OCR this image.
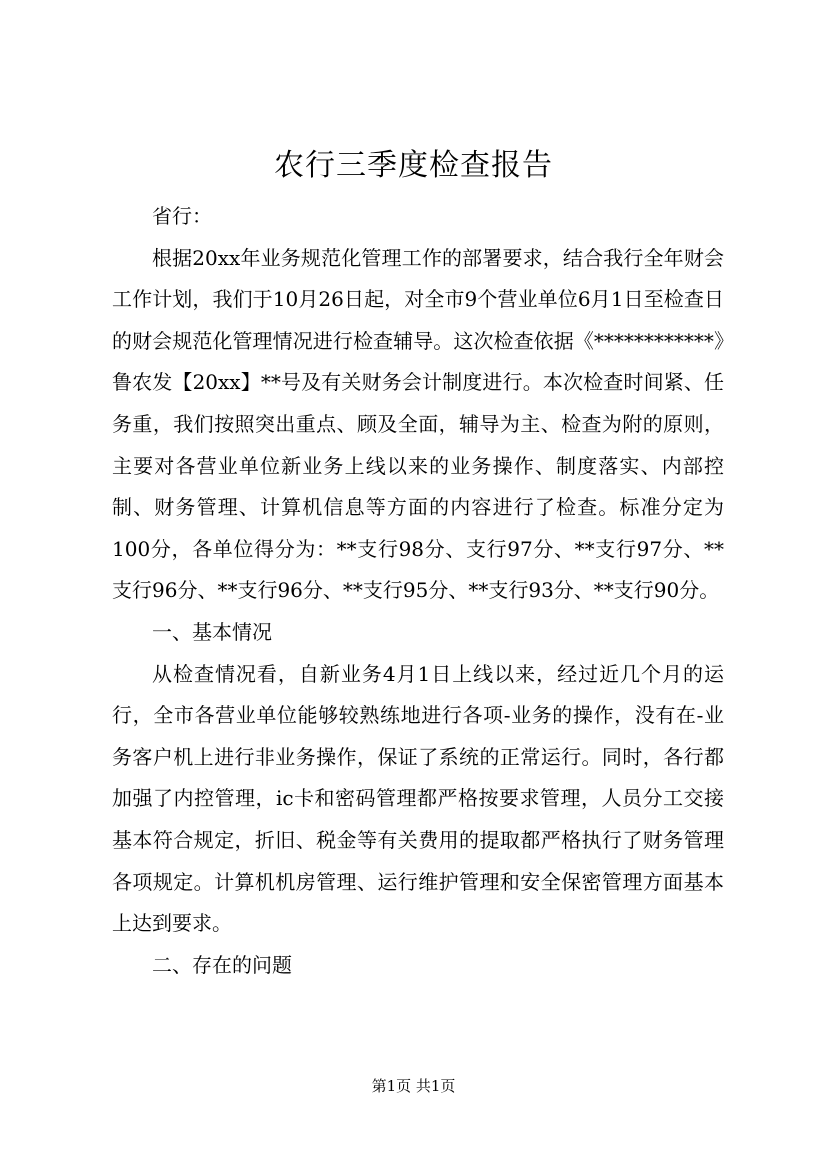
农行三季度检查报告

省行：

根据20xx年业务规范化管理工作的部署要求，结合我行全年财会工作计划，我们于10月26日起，对全市9个营业单位6月1日至检查日的财会规范化管理情况进行检查辅导。这次检查依据《************》鲁农发【20xx】**号及有关财务会计制度进行。本次检查时间紧、任务重，我们按照突出重点、顾及全面，辅导为主、检查为附的原则，主要对各营业单位新业务上线以来的业务操作、制度落实、内部控制、财务管理、计算机信息等方面的内容进行了检查。标准分定为100分，各单位得分为：**支行98分、支行97分、**支行97分、**支行96分、**支行96分、**支行95分、**支行93分、**支行90分。

一、基本情况

从检查情况看，自新业务4月1日上线以来，经过近几个月的运行，全市各营业单位能够较熟练地进行各项-业务的操作，没有在-业务客户机上进行非业务操作，保证了系统的正常运行。同时，各行都加强了内控管理，ic卡和密码管理都严格按要求管理，人员分工交接基本符合规定，折旧、税金等有关费用的提取都严格执行了财务管理各项规定。计算机机房管理、运行维护管理和安全保密管理方面基本上达到要求。

二、存在的问题

第1页 共1页
